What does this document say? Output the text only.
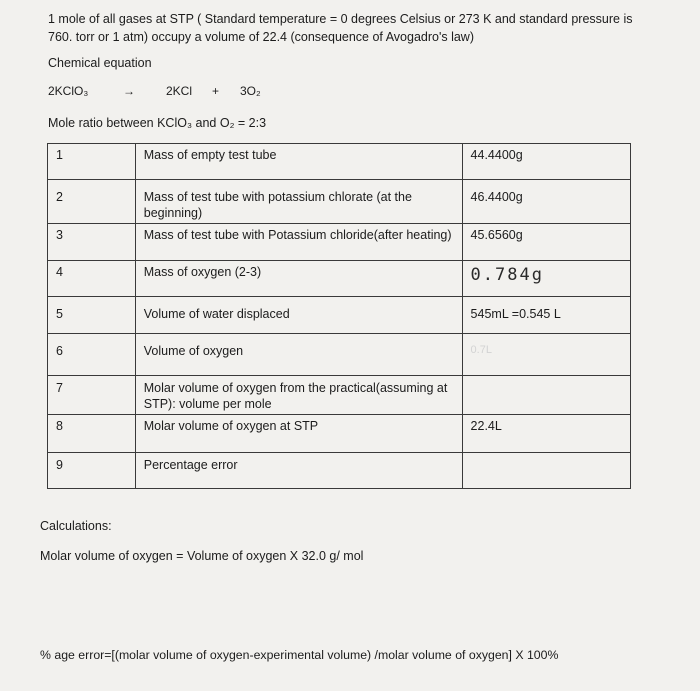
1 mole of all gases at STP ( Standard temperature = 0 degrees Celsius or 273 K and standard pressure is
760. torr or 1 atm) occupy a volume of 22.4 (consequence of Avogadro's law)
Chemical equation
2KClO₃	→	2KCl + 3O₂
Mole ratio between KClO₃ and O₂ = 2:3
1	Mass of empty test tube	44.4400g
2	Mass of test tube with potassium chlorate (at the beginning)	46.4400g
3	Mass of test tube with Potassium chloride(after heating)	45.6560g
4	Mass of oxygen (2-3)	0.784g
5	Volume of water displaced	545mL =0.545 L
6	Volume of oxygen	0.7L
7	Molar volume of oxygen from the practical(assuming at STP): volume per mole	
8	Molar volume of oxygen at STP	22.4L
9	Percentage error	
Calculations:
Molar volume of oxygen = Volume of oxygen X 32.0 g/ mol
% age error=[(molar volume of oxygen-experimental volume) /molar volume of oxygen] X 100%
